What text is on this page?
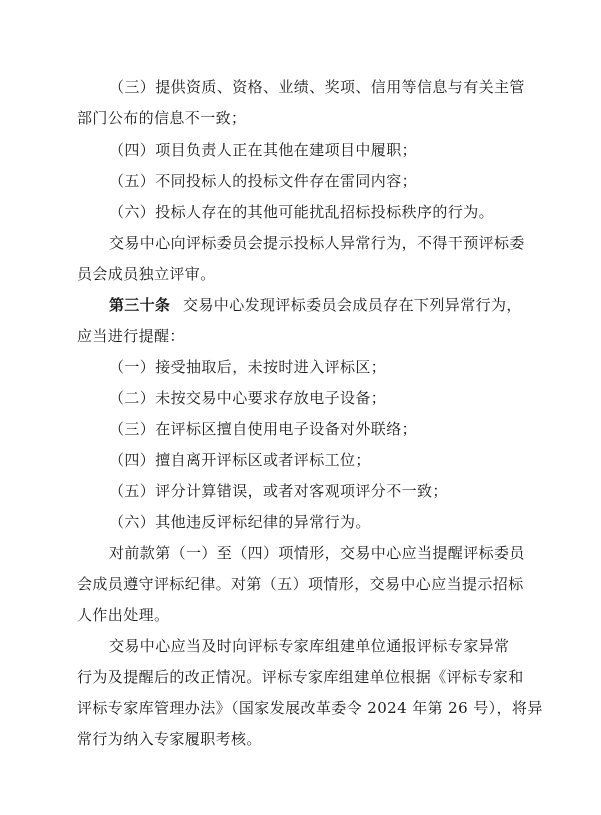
（三）提供资质、资格、业绩、奖项、信用等信息与有关主管
部门公布的信息不一致；
（四）项目负责人正在其他在建项目中履职；
（五）不同投标人的投标文件存在雷同内容；
（六）投标人存在的其他可能扰乱招标投标秩序的行为。
交易中心向评标委员会提示投标人异常行为，不得干预评标委
员会成员独立评审。
第三十条 交易中心发现评标委员会成员存在下列异常行为，
应当进行提醒：
（一）接受抽取后，未按时进入评标区；
（二）未按交易中心要求存放电子设备；
（三）在评标区擅自使用电子设备对外联络；
（四）擅自离开评标区或者评标工位；
（五）评分计算错误，或者对客观项评分不一致；
（六）其他违反评标纪律的异常行为。
对前款第（一）至（四）项情形，交易中心应当提醒评标委员
会成员遵守评标纪律。对第（五）项情形，交易中心应当提示招标
人作出处理。
交易中心应当及时向评标专家库组建单位通报评标专家异常
行为及提醒后的改正情况。评标专家库组建单位根据《评标专家和
评标专家库管理办法》（国家发展改革委令 2024 年第 26 号），将异
常行为纳入专家履职考核。
